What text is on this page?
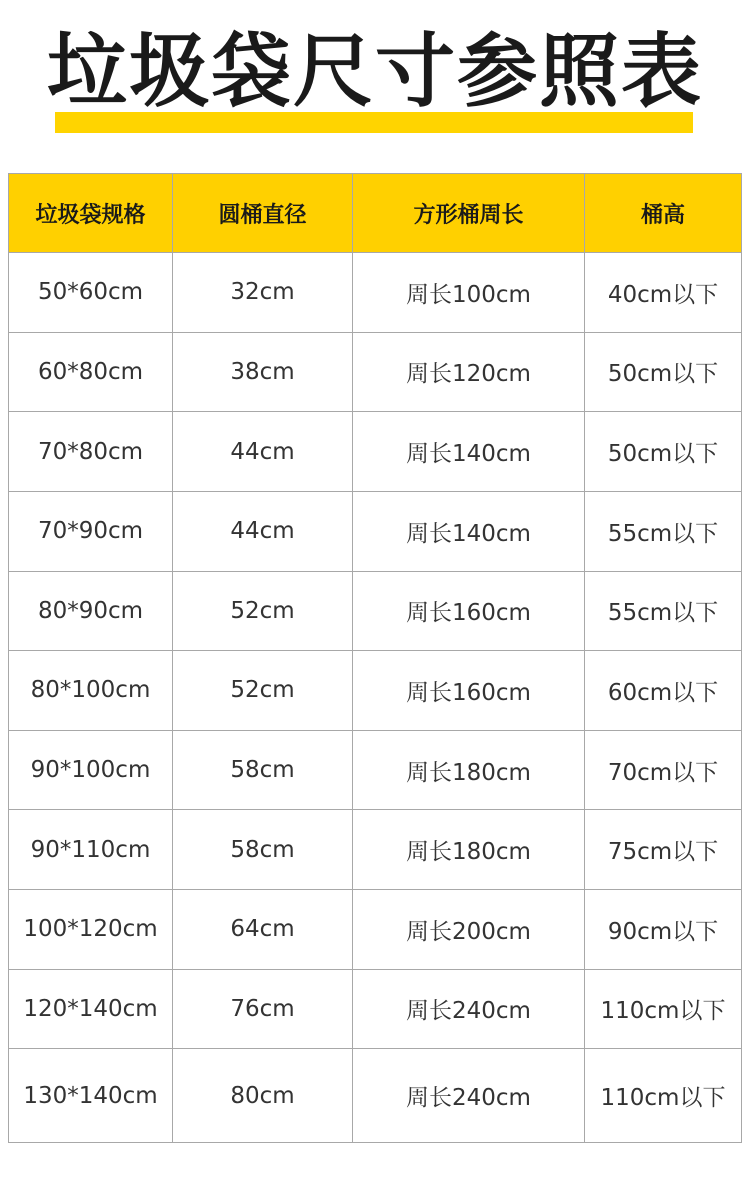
垃圾袋尺寸参照表
垃圾袋规格	圆桶直径	方形桶周长	桶高
50*60cm	32cm	周长100cm	40cm以下
60*80cm	38cm	周长120cm	50cm以下
70*80cm	44cm	周长140cm	50cm以下
70*90cm	44cm	周长140cm	55cm以下
80*90cm	52cm	周长160cm	55cm以下
80*100cm	52cm	周长160cm	60cm以下
90*100cm	58cm	周长180cm	70cm以下
90*110cm	58cm	周长180cm	75cm以下
100*120cm	64cm	周长200cm	90cm以下
120*140cm	76cm	周长240cm	110cm以下
130*140cm	80cm	周长240cm	110cm以下
